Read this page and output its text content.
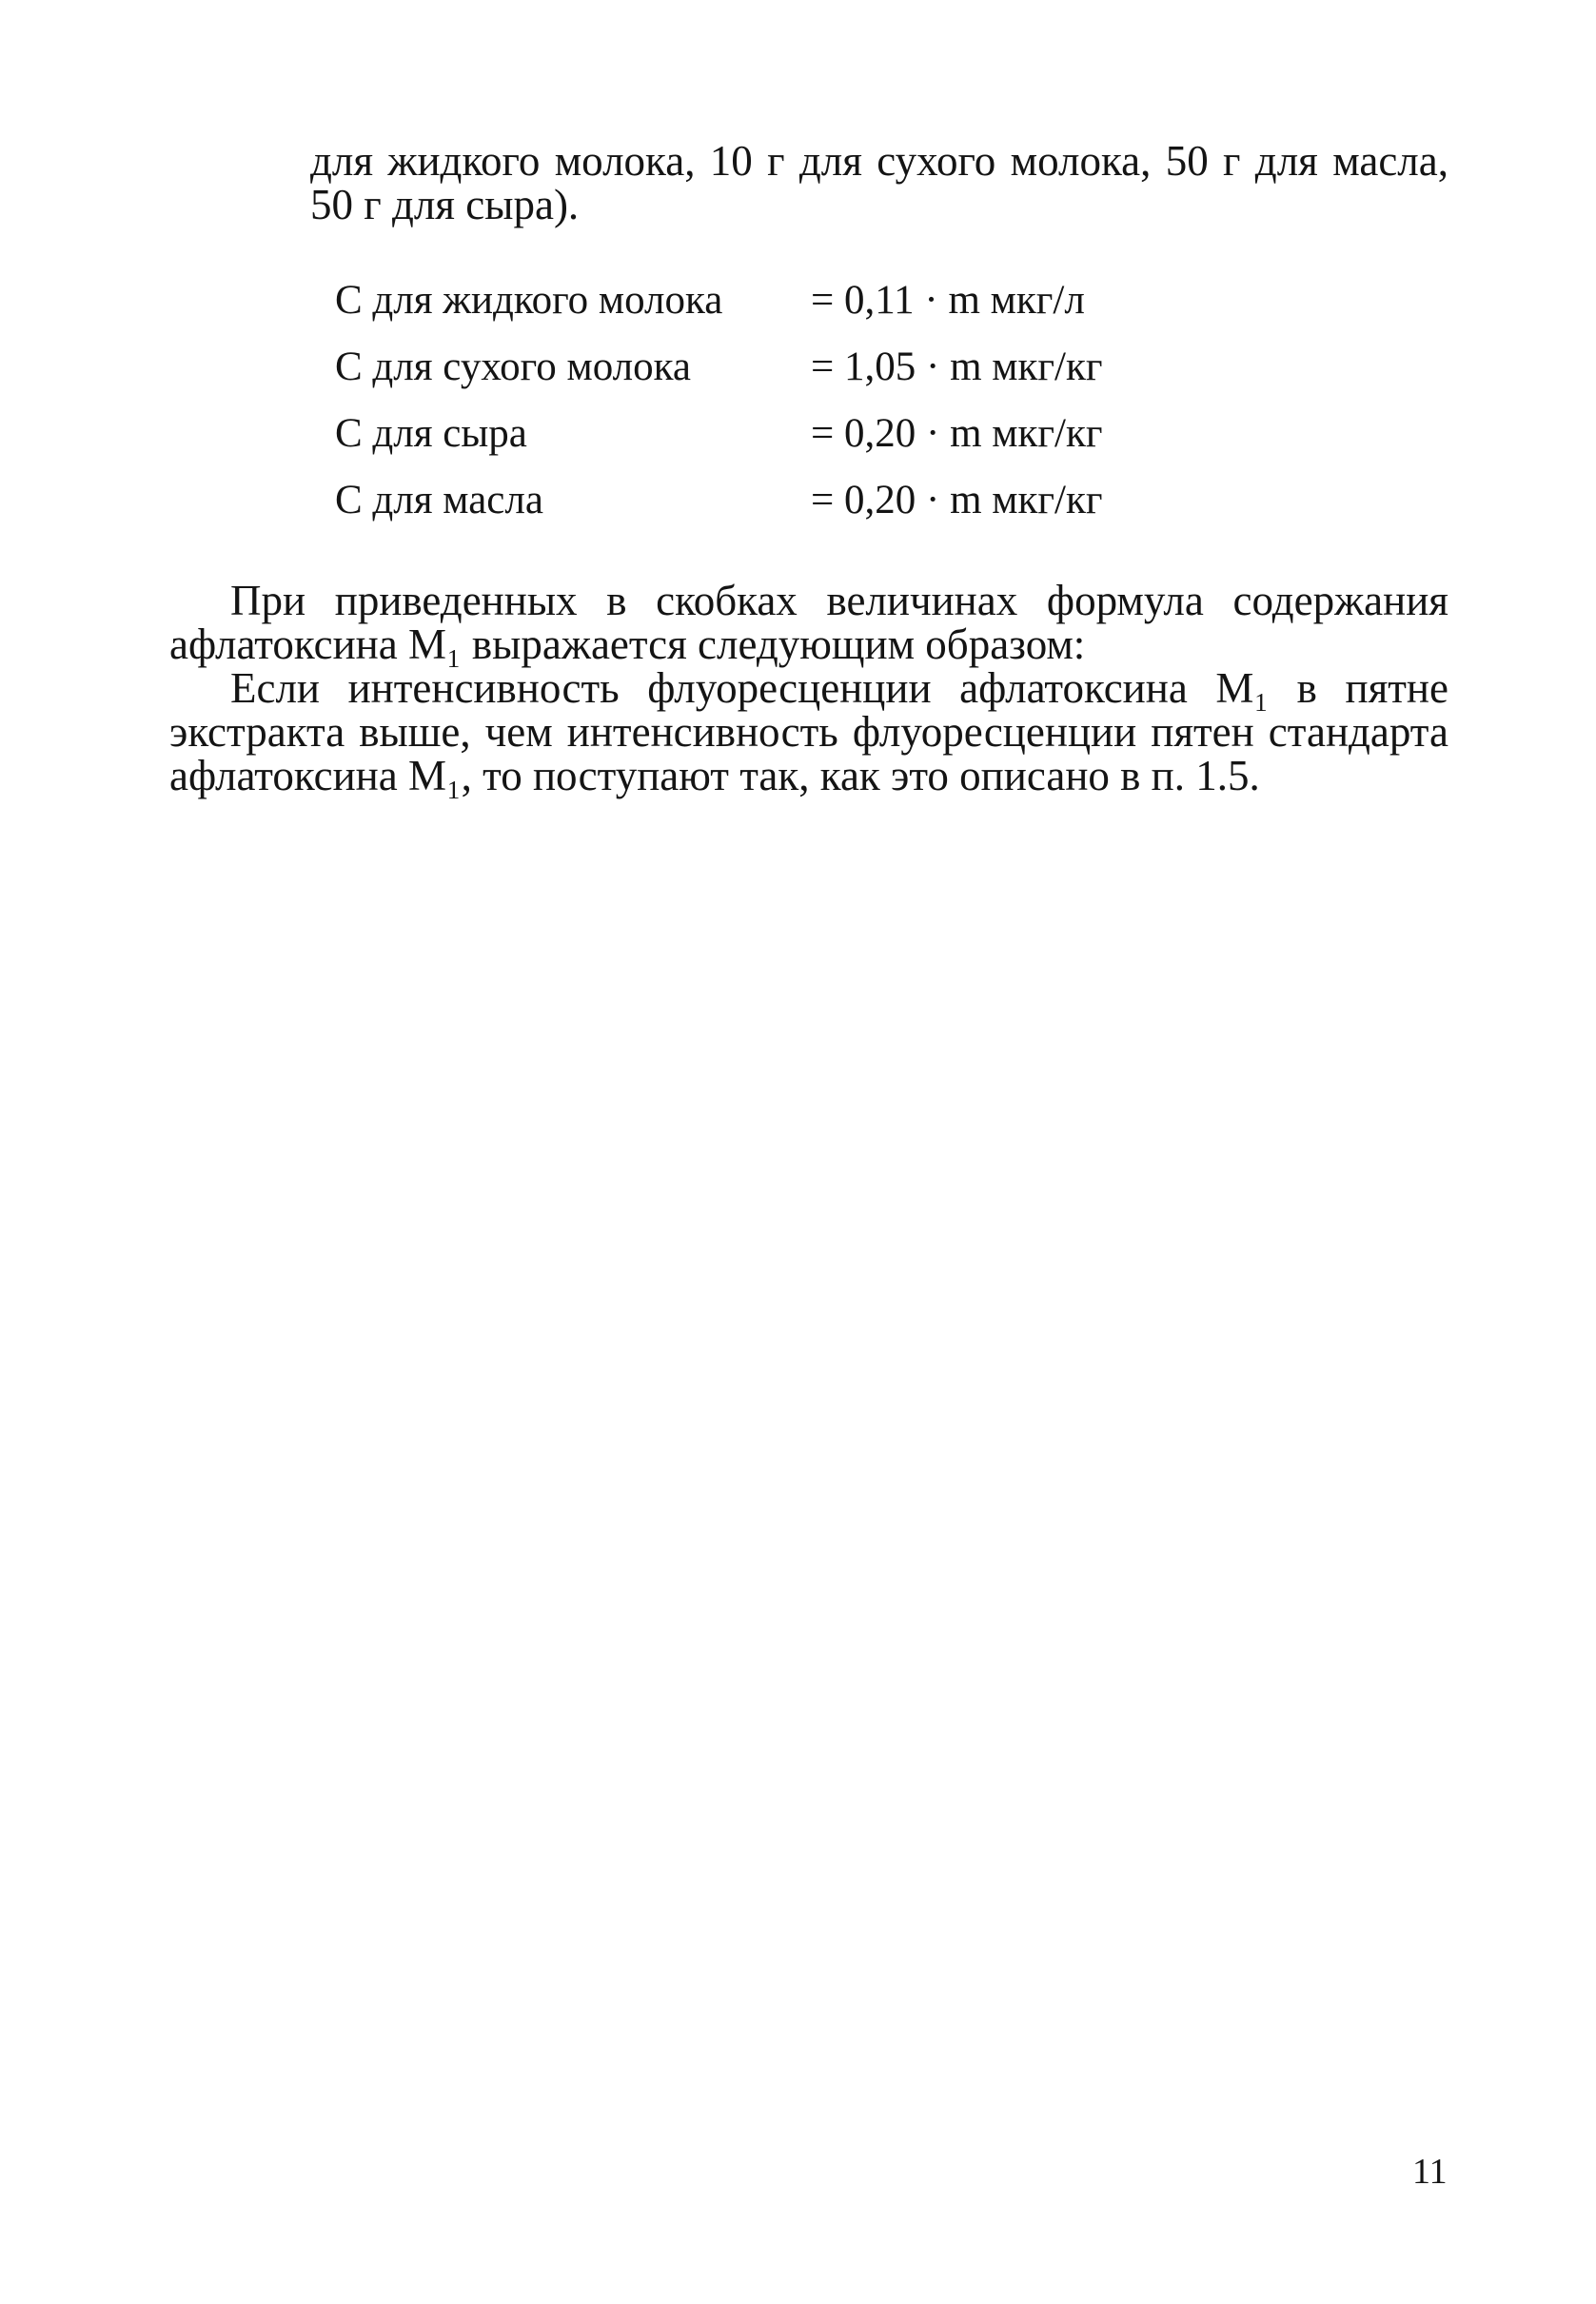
для жидкого молока, 10 г для сухого молока, 50 г для масла,
50 г для сыра).
С для жидкого молока	= 0,11 · m мкг/л
С для сухого молока	= 1,05 · m мкг/кг
С для сыра	= 0,20 · m мкг/кг
С для масла	= 0,20 · m мкг/кг
При приведенных в скобках величинах формула содержания
афлатоксина М₁ выражается следующим образом:
Если интенсивность флуоресценции афлатоксина М₁ в пятне
экстракта выше, чем интенсивность флуоресценции пятен стандарта
афлатоксина М₁, то поступают так, как это описано в п. 1.5.
11
